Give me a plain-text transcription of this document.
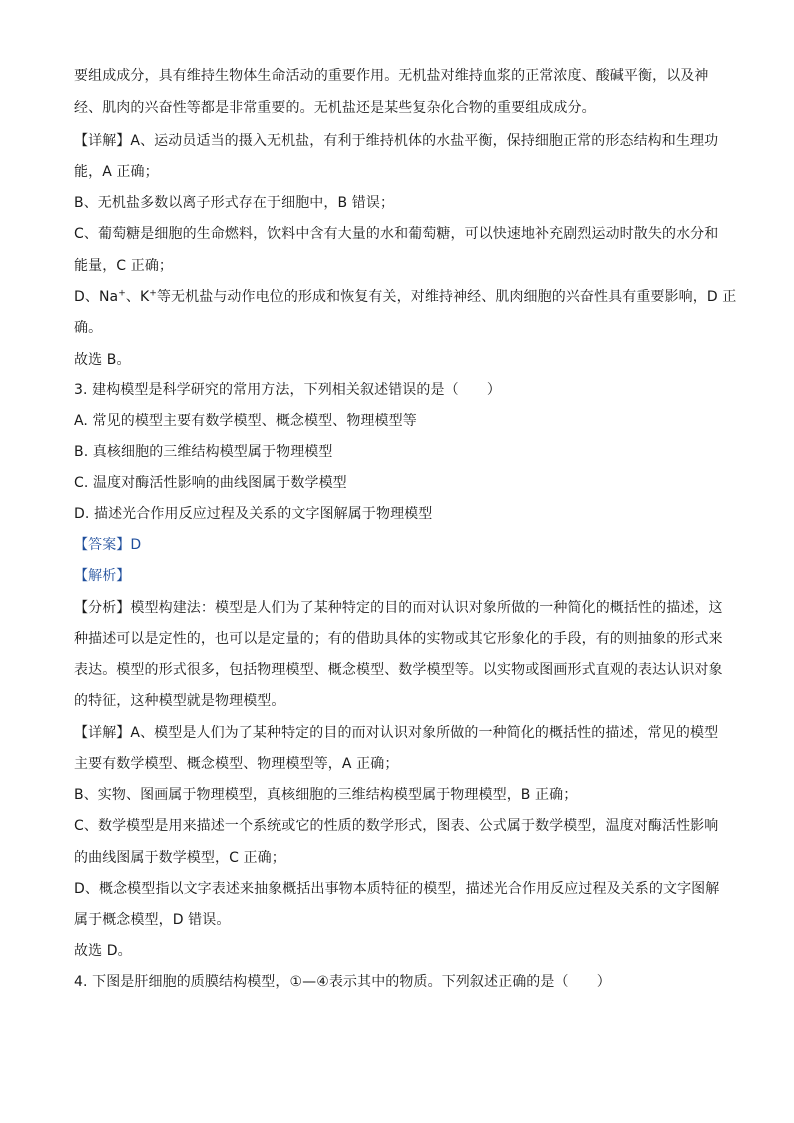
要组成成分，具有维持生物体生命活动的重要作用。无机盐对维持血浆的正常浓度、酸碱平衡，以及神
经、肌肉的兴奋性等都是非常重要的。无机盐还是某些复杂化合物的重要组成成分。
【详解】A、运动员适当的摄入无机盐，有利于维持机体的水盐平衡，保持细胞正常的形态结构和生理功
能，A 正确；
B、无机盐多数以离子形式存在于细胞中，B 错误；
C、葡萄糖是细胞的生命燃料，饮料中含有大量的水和葡萄糖，可以快速地补充剧烈运动时散失的水分和
能量，C 正确；
D、Na+、K+等无机盐与动作电位的形成和恢复有关，对维持神经、肌肉细胞的兴奋性具有重要影响，D 正
确。
故选 B。
3. 建构模型是科学研究的常用方法，下列相关叙述错误的是（　　）
A. 常见的模型主要有数学模型、概念模型、物理模型等
B. 真核细胞的三维结构模型属于物理模型
C. 温度对酶活性影响的曲线图属于数学模型
D. 描述光合作用反应过程及关系的文字图解属于物理模型
【答案】D
【解析】
【分析】模型构建法：模型是人们为了某种特定的目的而对认识对象所做的一种简化的概括性的描述，这
种描述可以是定性的，也可以是定量的；有的借助具体的实物或其它形象化的手段，有的则抽象的形式来
表达。模型的形式很多，包括物理模型、概念模型、数学模型等。以实物或图画形式直观的表达认识对象
的特征，这种模型就是物理模型。
【详解】A、模型是人们为了某种特定的目的而对认识对象所做的一种简化的概括性的描述，常见的模型
主要有数学模型、概念模型、物理模型等，A 正确；
B、实物、图画属于物理模型，真核细胞的三维结构模型属于物理模型，B 正确；
C、数学模型是用来描述一个系统或它的性质的数学形式，图表、公式属于数学模型，温度对酶活性影响
的曲线图属于数学模型，C 正确；
D、概念模型指以文字表述来抽象概括出事物本质特征的模型，描述光合作用反应过程及关系的文字图解
属于概念模型，D 错误。
故选 D。
4. 下图是肝细胞的质膜结构模型，①—④表示其中的物质。下列叙述正确的是（　　）
